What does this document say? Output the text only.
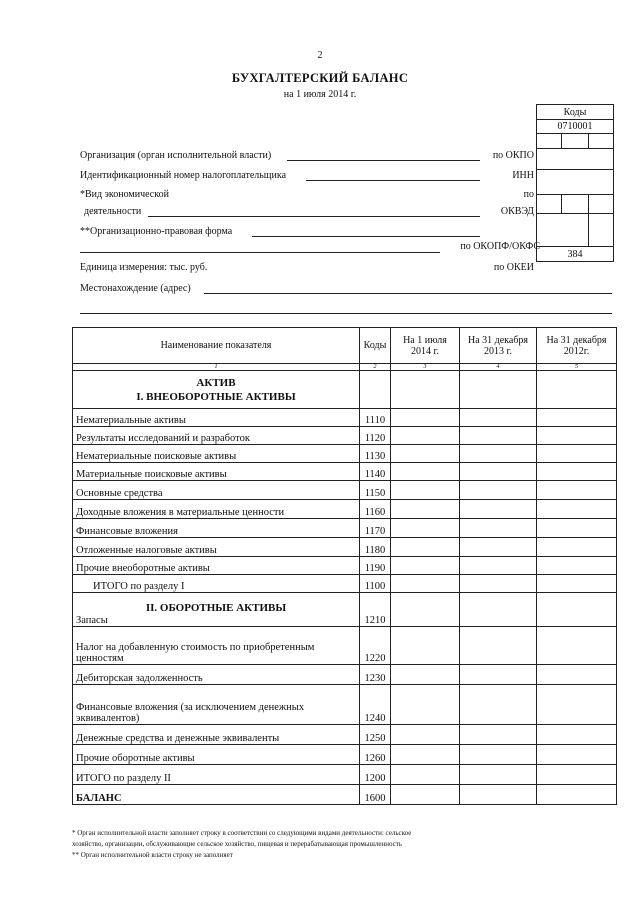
2
БУХГАЛТЕРСКИЙ БАЛАНС
на 1 июля 2014 г.
Коды		
0710001		

384		
Организация (орган исполнительной власти)	по ОКПО
Идентификационный номер налогоплательщика	ИНН
*Вид экономической	по
деятельности	ОКВЭД
**Организационно-правовая форма
по ОКОПФ/ОКФС
Единица измерения: тыс. руб.	по ОКЕИ
Местонахождение (адрес)
Наименование показателя	Коды	На 1 июля 2014 г.	На 31 декабря 2013 г.	На 31 декабря 2012г.
1	2	3	4	5
АКТИВ
I. ВНЕОБОРОТНЫЕ АКТИВЫ				
Нематериальные активы	1110			
Результаты исследований и разработок	1120			
Нематериальные поисковые активы	1130			
Материальные поисковые активы	1140			
Основные средства	1150			
Доходные вложения в материальные ценности	1160			
Финансовые вложения	1170			
Отложенные налоговые активы	1180			
Прочие внеоборотные активы	1190			
ИТОГО по разделу I	1100			

II. ОБОРОТНЫЕ АКТИВЫ
Запасы	1210			
Налог на добавленную стоимость по приобретенным ценностям	1220			
Дебиторская задолженность	1230			
Финансовые вложения (за исключением денежных эквивалентов)	1240			
Денежные средства и денежные эквиваленты	1250			
Прочие оборотные активы	1260			
ИТОГО по разделу II	1200			
БАЛАНС	1600			
* Орган исполнительной власти заполняет строку в соответствии со следующими видами деятельности: сельское
хозяйство, организации, обслуживающие сельское хозяйство, пищевая и перерабатывающая промышленность
** Орган исполнительной власти строку не заполняет
